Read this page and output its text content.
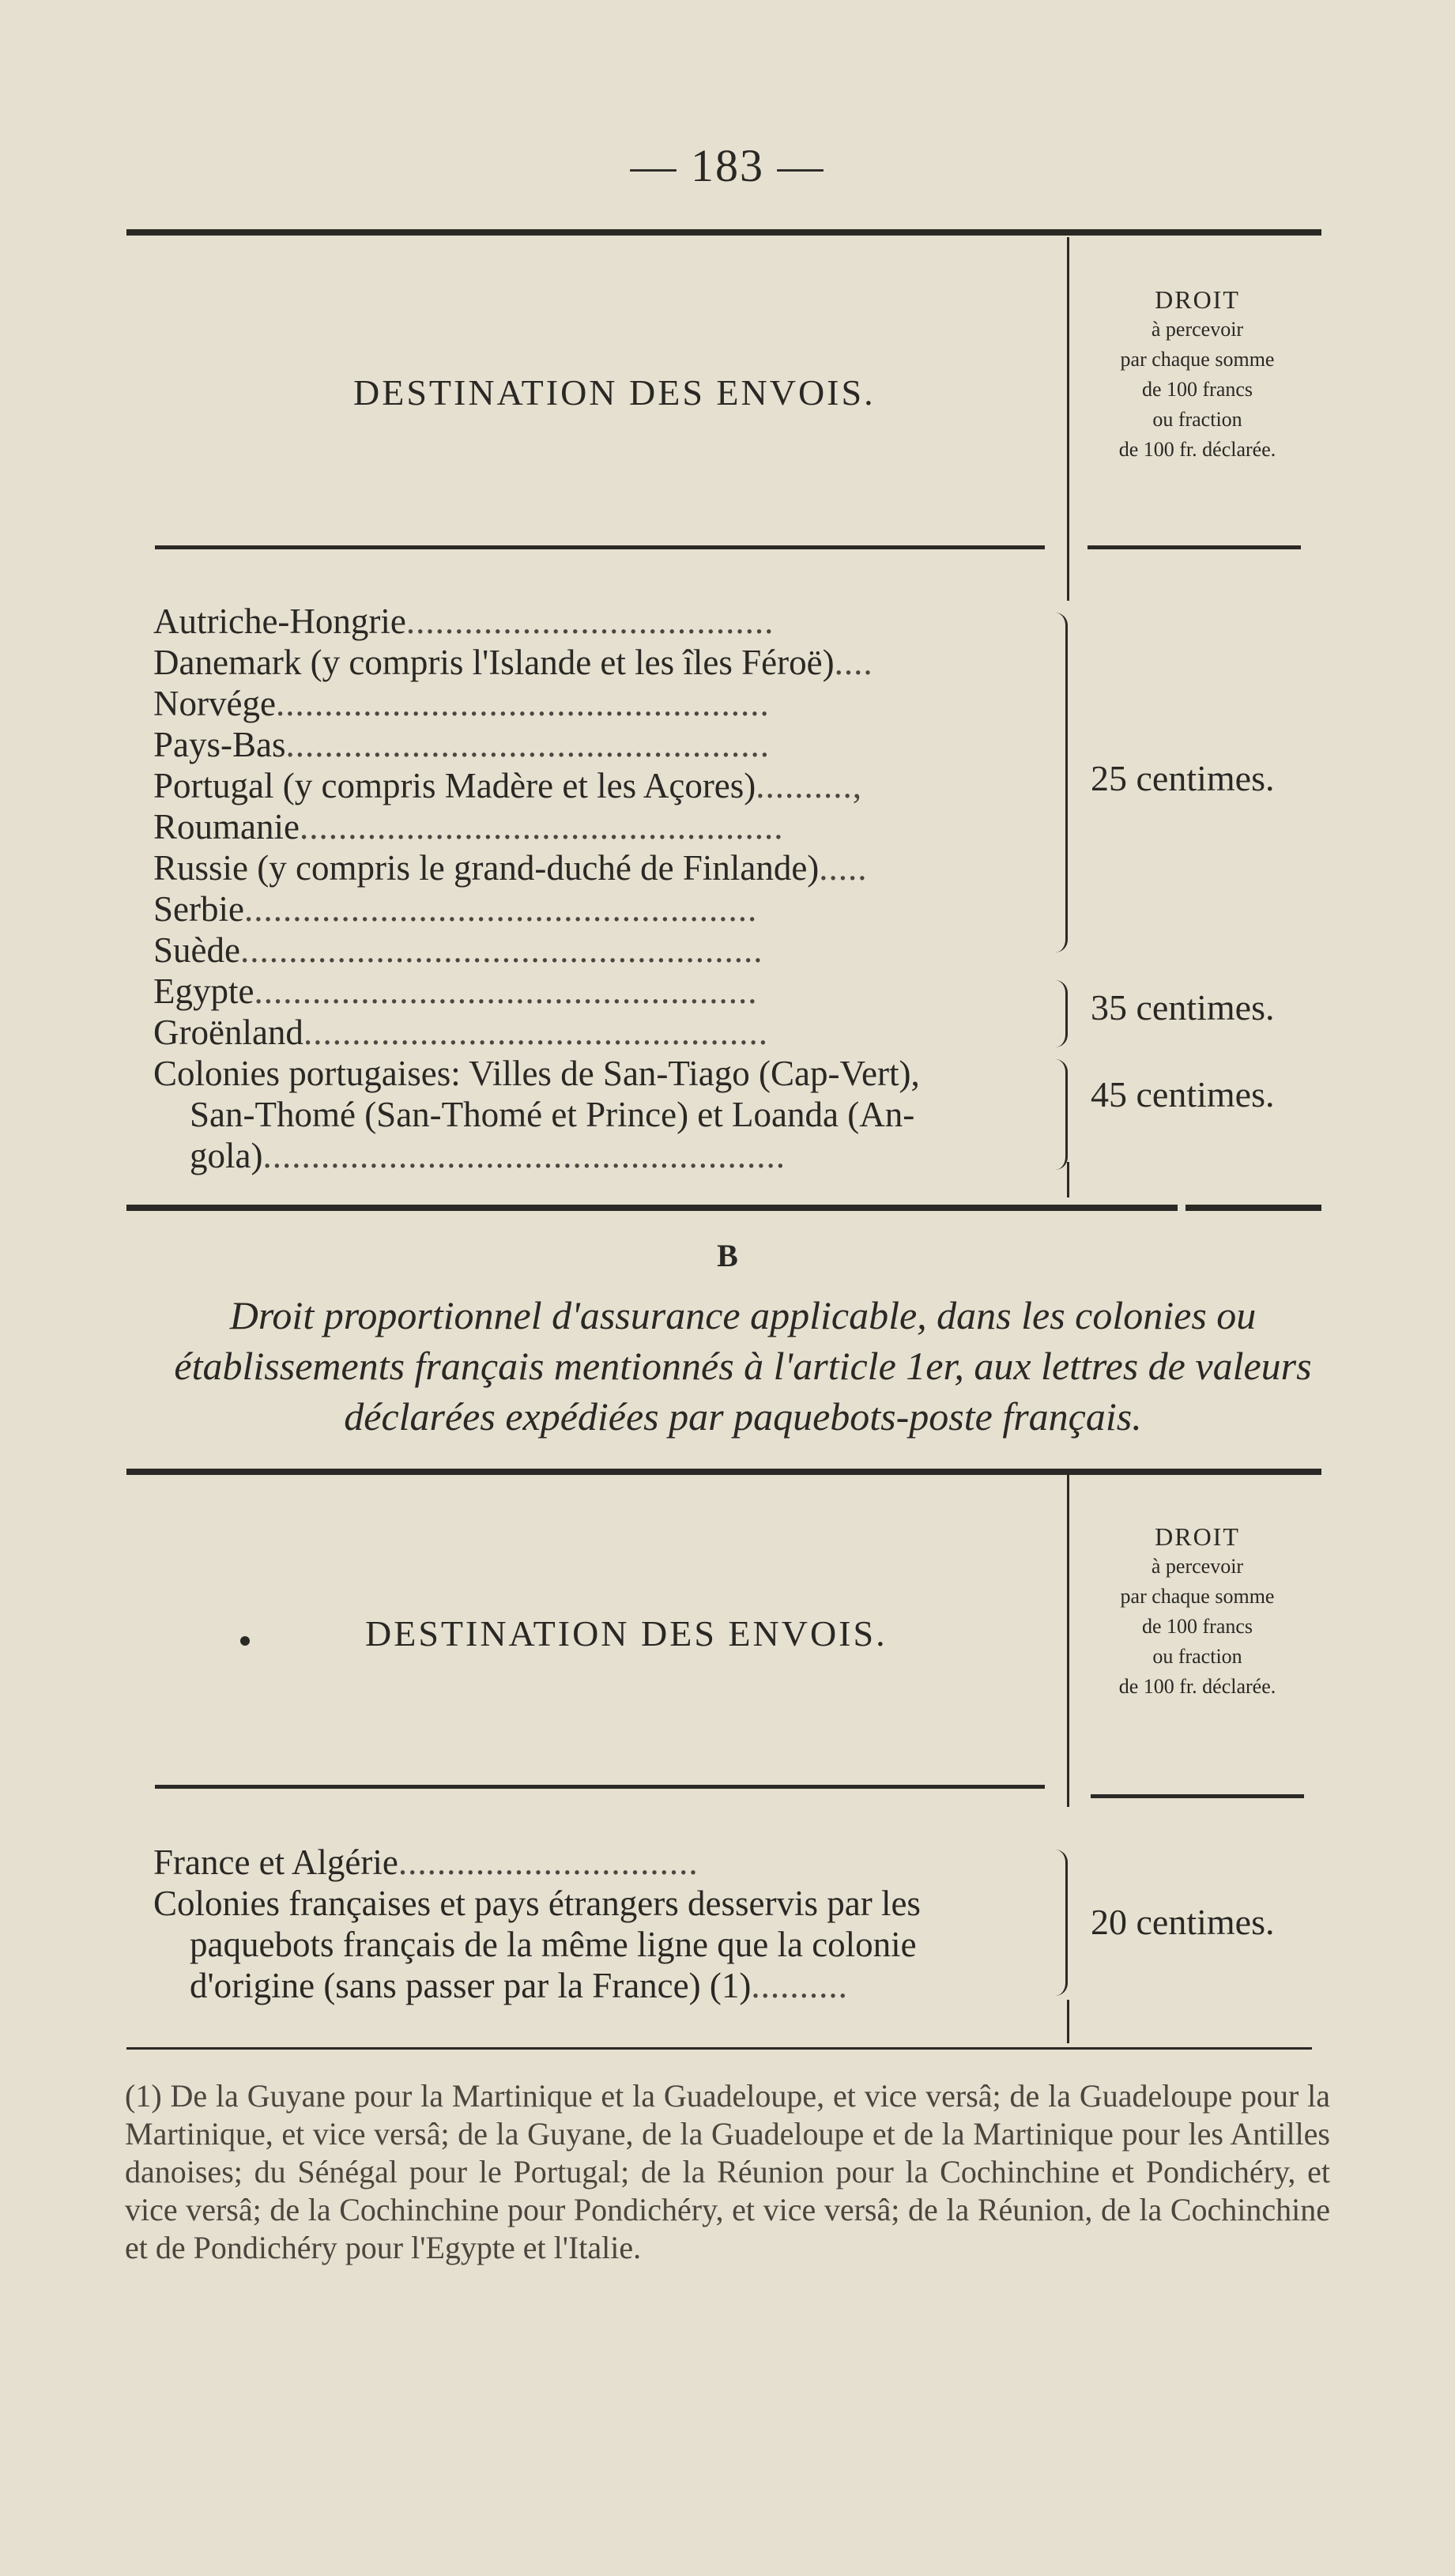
— 183 —
DESTINATION DES ENVOIS.
DROIT
à percevoir
par chaque somme
de 100 francs
ou fraction
de 100 fr. déclarée.
Autriche-Hongrie......................................
Danemark (y compris l'Islande et les îles Féroë)....
Norvége...................................................
Pays-Bas..................................................
Portugal (y compris Madère et les Açores)..........,
Roumanie..................................................
Russie (y compris le grand-duché de Finlande).....
Serbie.....................................................
Suède......................................................
Egypte....................................................
Groënland................................................
Colonies portugaises: Villes de San-Tiago (Cap-Vert),
San-Thomé (San-Thomé et Prince) et Loanda (An-
gola)......................................................
25 centimes.
35 centimes.
45 centimes.
B
Droit proportionnel d'assurance applicable, dans les colonies ou établissements français mentionnés à l'article 1er, aux lettres de valeurs déclarées expédiées par paquebots-poste français.
DESTINATION DES ENVOIS.
DROIT
à percevoir
par chaque somme
de 100 francs
ou fraction
de 100 fr. déclarée.
France et Algérie...............................
Colonies françaises et pays étrangers desservis par les
paquebots français de la même ligne que la colonie
d'origine (sans passer par la France) (1)..........
20 centimes.
(1) De la Guyane pour la Martinique et la Guadeloupe, et vice versâ; de la Guadeloupe pour la Martinique, et vice versâ; de la Guyane, de la Guadeloupe et de la Martinique pour les Antilles danoises; du Sénégal pour le Portugal; de la Réunion pour la Cochinchine et Pondichéry, et vice versâ; de la Cochinchine pour Pondichéry, et vice versâ; de la Réunion, de la Cochinchine et de Pondichéry pour l'Egypte et l'Italie.
